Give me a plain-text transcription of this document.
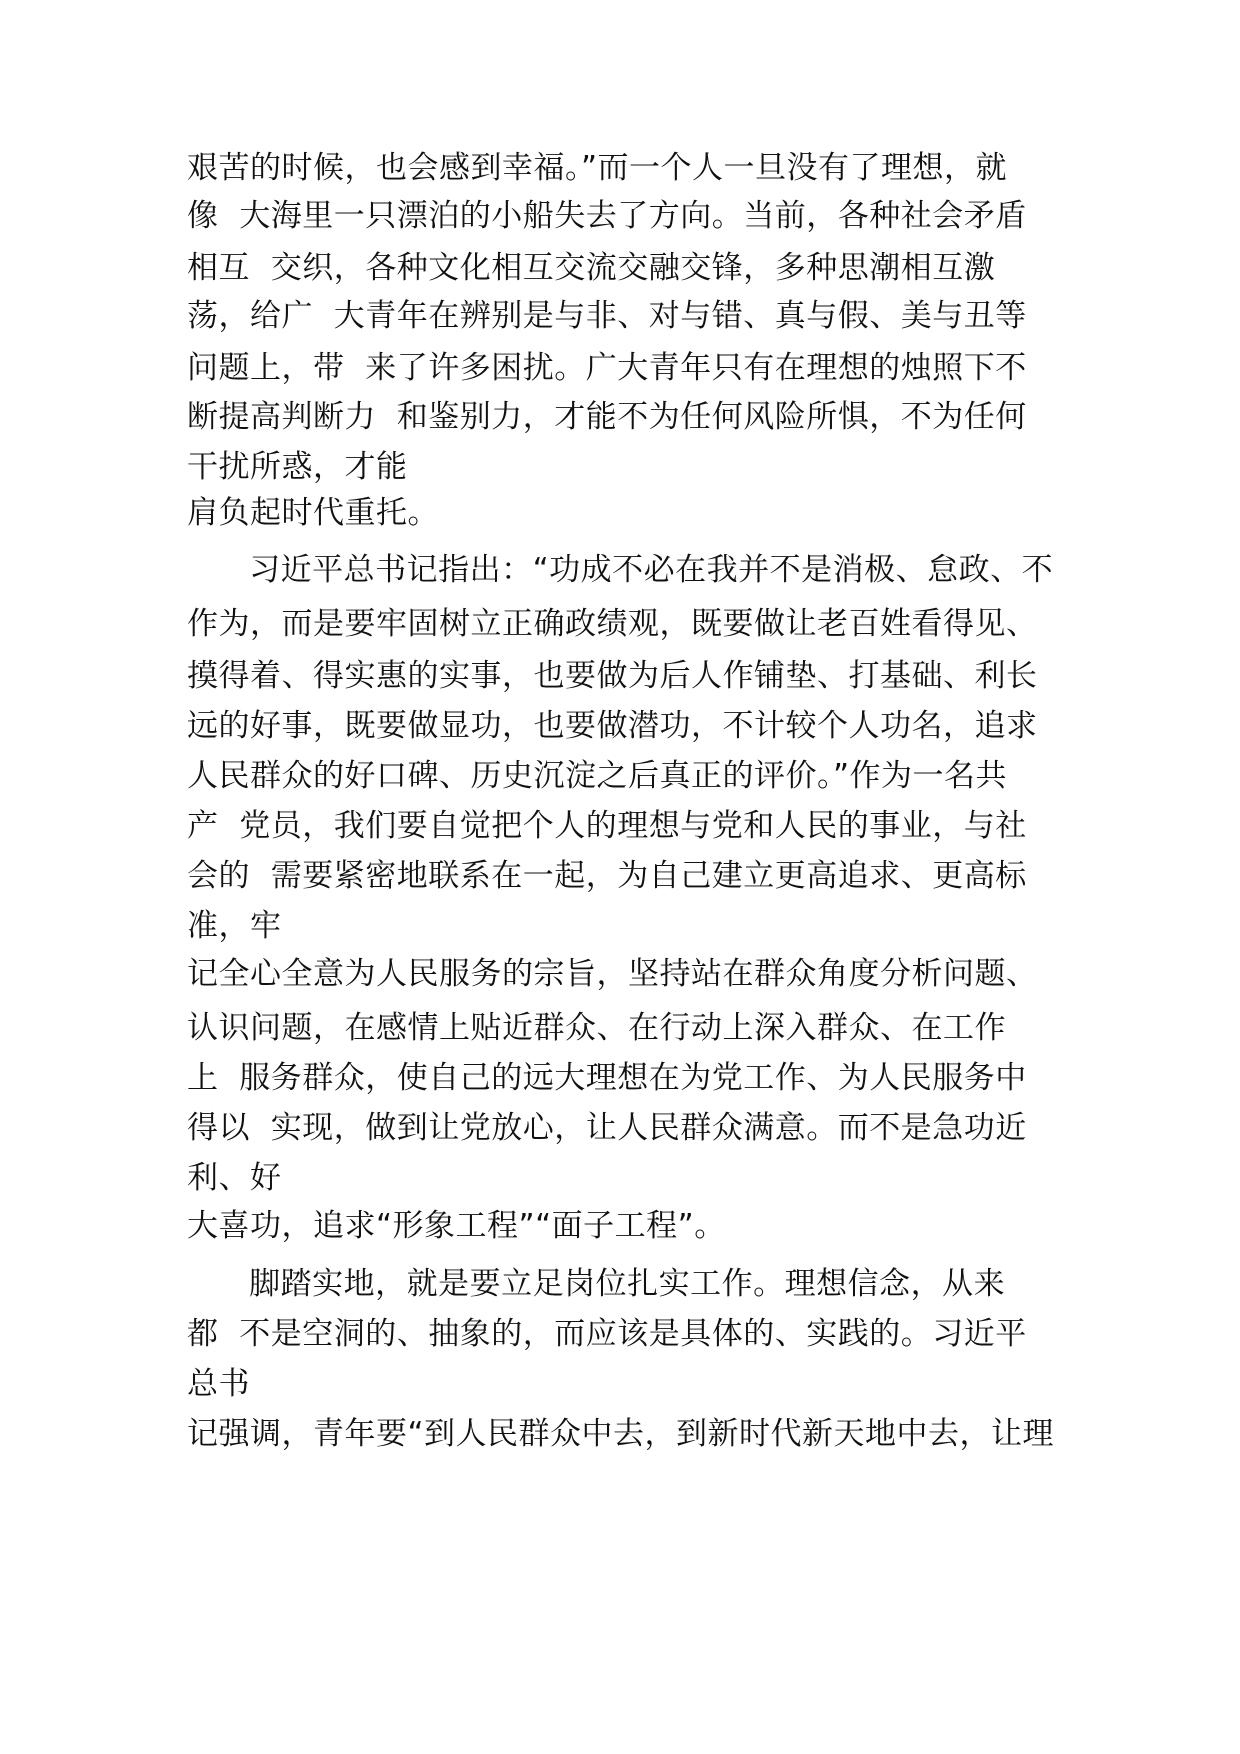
艰苦的时候，也会感到幸福。”而一个人一旦没有了理想，就
像  大海里一只漂泊的小船失去了方向。当前，各种社会矛盾
相互  交织，各种文化相互交流交融交锋，多种思潮相互激
荡，给广  大青年在辨别是与非、对与错、真与假、美与丑等
问题上，带  来了许多困扰。广大青年只有在理想的烛照下不
断提高判断力  和鉴别力，才能不为任何风险所惧，不为任何
干扰所惑，才能
肩负起时代重托。
习近平总书记指出：“功成不必在我并不是消极、怠政、不
作为，而是要牢固树立正确政绩观，既要做让老百姓看得见、
摸得着、得实惠的实事，也要做为后人作铺垫、打基础、利长
远的好事，既要做显功，也要做潜功，不计较个人功名，追求
人民群众的好口碑、历史沉淀之后真正的评价。”作为一名共
产  党员，我们要自觉把个人的理想与党和人民的事业，与社
会的  需要紧密地联系在一起，为自己建立更高追求、更高标
准，牢
记全心全意为人民服务的宗旨，坚持站在群众角度分析问题、
认识问题，在感情上贴近群众、在行动上深入群众、在工作
上  服务群众，使自己的远大理想在为党工作、为人民服务中
得以  实现，做到让党放心，让人民群众满意。而不是急功近
利、好
大喜功，追求“形象工程”“面子工程”。
脚踏实地，就是要立足岗位扎实工作。理想信念，从来
都  不是空洞的、抽象的，而应该是具体的、实践的。习近平
总书
记强调，青年要“到人民群众中去，到新时代新天地中去，让理
